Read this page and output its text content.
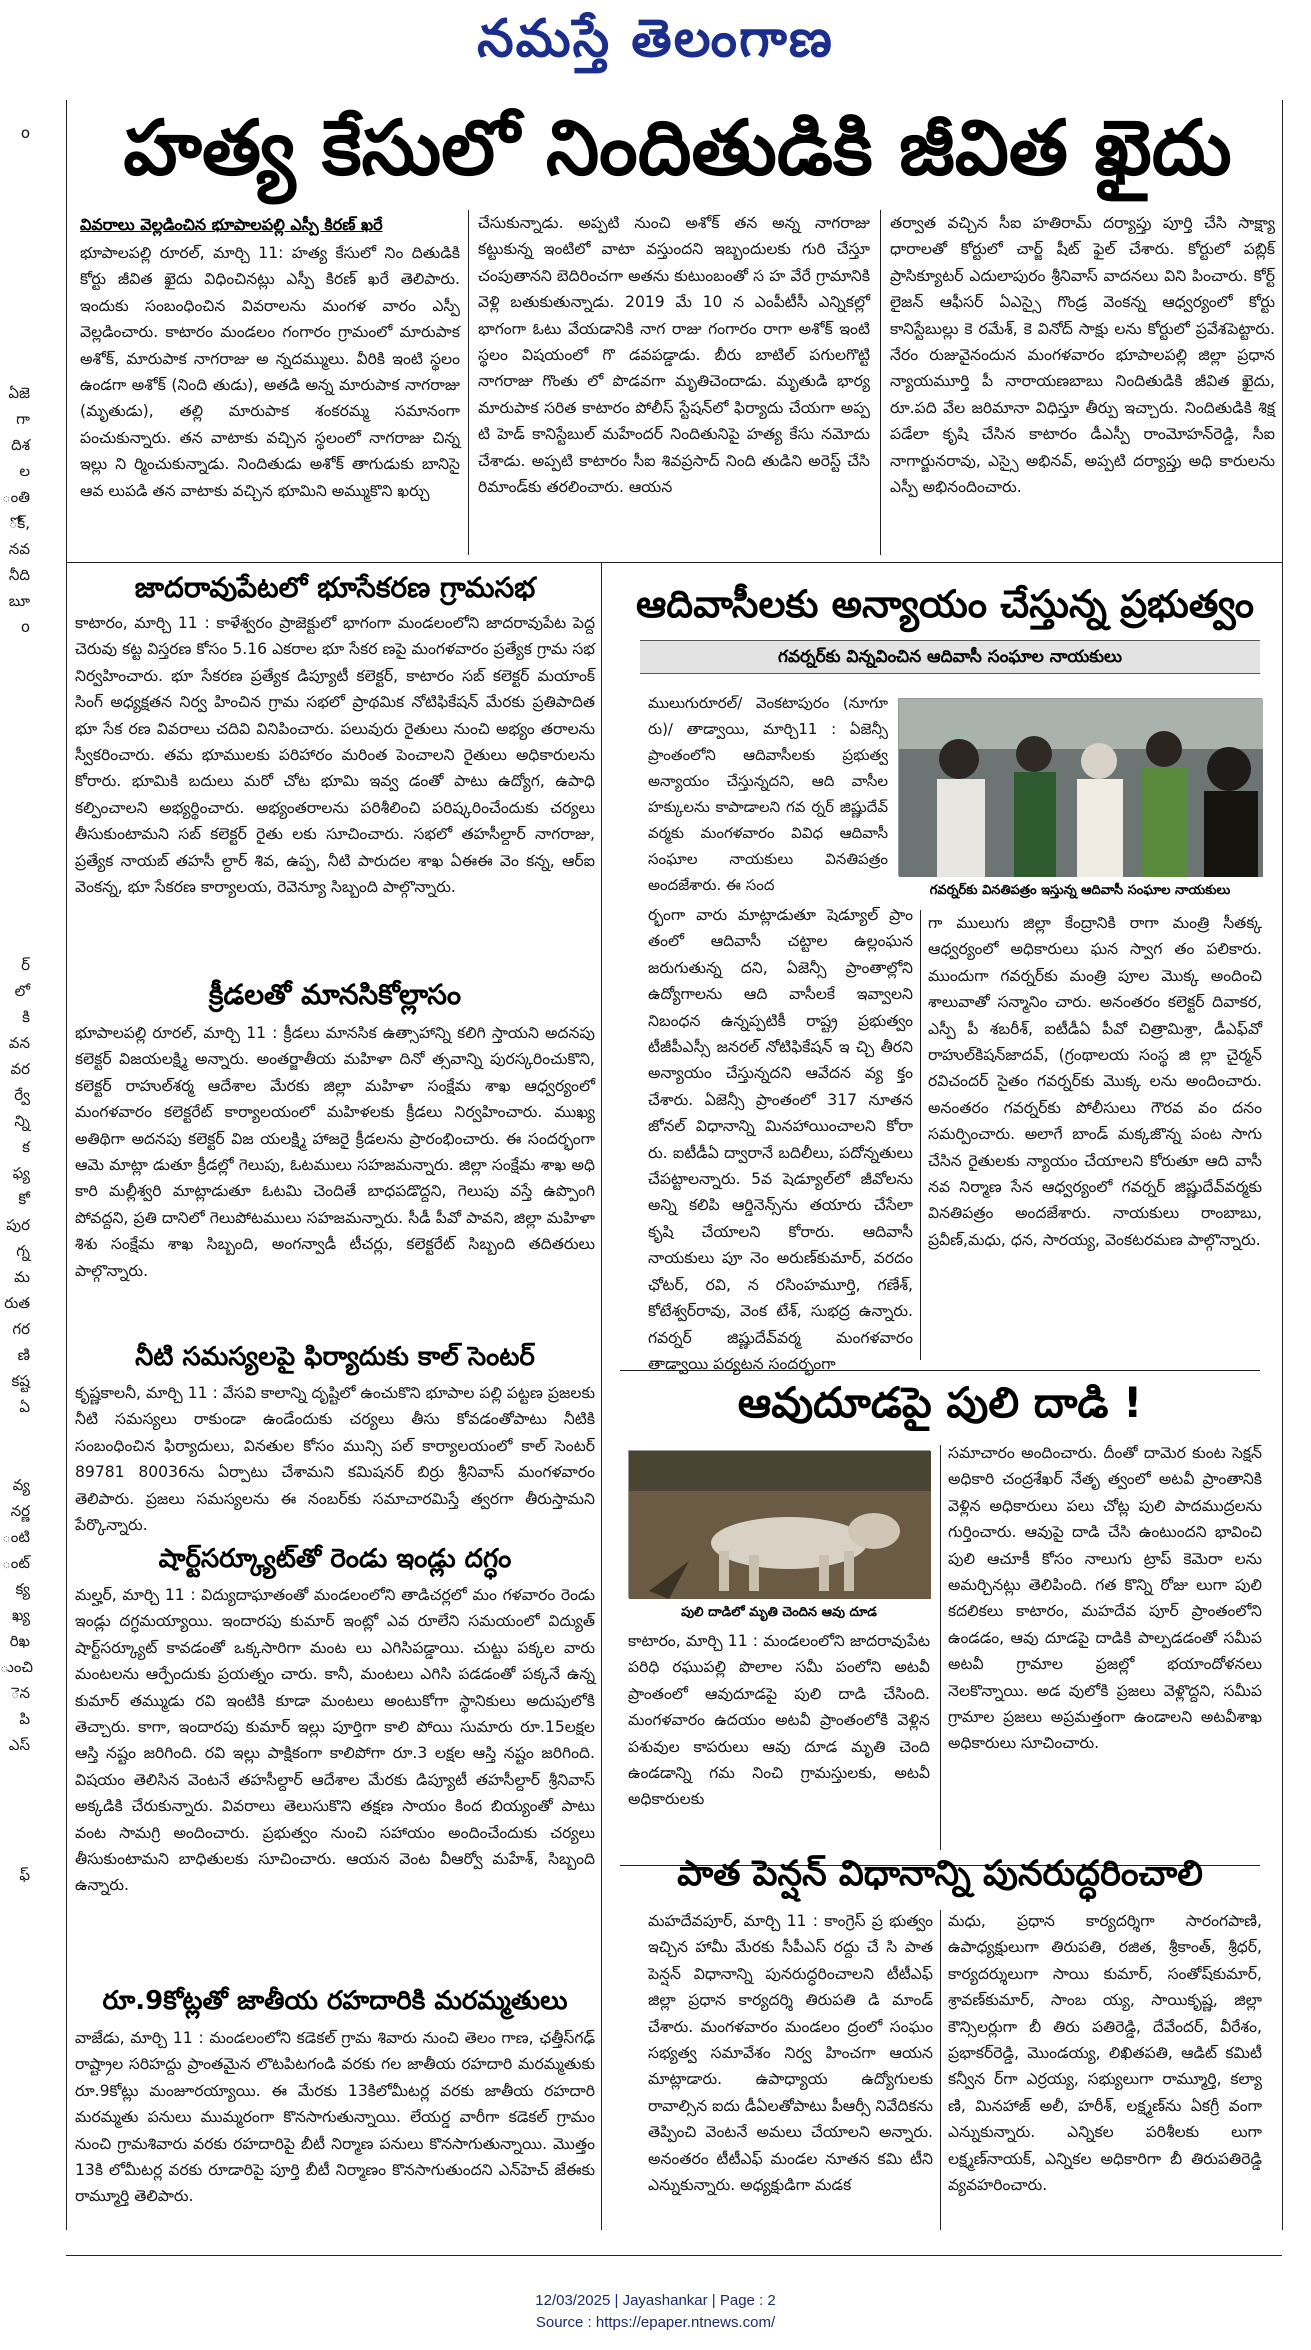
నమస్తే తెలంగాణ
o

ఏజె
గా
దిశ
ల
ంతి
ోక్,
నవ
నీది
బూ
o

ర్
లో
కి
వన
వర
ర్వే
న్ని
క
ఫ్య
కో
పుర
గ్న
మ
రుత
గర
ణి
కష్ట
ఏ

వ్య
నర్ణ
ంటి
ంట్
క్య
ఖ్య
రిఖ
ుంచి
ెన
పి
ఎస్

ఫ్

హత్య కేసులో నిందితుడికి జీవిత ఖైదు
వివరాలు వెల్లడించిన భూపాలపల్లి ఎస్పీ కిరణ్ ఖరే

భూపాలపల్లి రూరల్, మార్చి 11: హత్య కేసులో నిం దితుడికి కోర్టు జీవిత ఖైదు విధించినట్లు ఎస్పీ కిరణ్ ఖరే తెలిపారు. ఇందుకు సంబంధించిన వివరాలను మంగళ వారం ఎస్పీ వెల్లడించారు. కాటారం మండలం గంగారం గ్రామంలో మారుపాక అశోక్, మారుపాక నాగరాజు అ న్నదమ్ములు. వీరికి ఇంటి స్థలం ఉండగా అశోక్ (నింది తుడు), అతడి అన్న మారుపాక నాగరాజు (మృతుడు), తల్లి మారుపాక శంకరమ్మ సమానంగా పంచుకున్నారు. తన వాటాకు వచ్చిన స్థలంలో నాగరాజు చిన్న ఇల్లు ని ర్మించుకున్నాడు. నిందితుడు అశోక్ తాగుడుకు బానిసై ఆవ లుపడి తన వాటాకు వచ్చిన భూమిని అమ్ముకొని ఖర్చు

చేసుకున్నాడు. అప్పటి నుంచి అశోక్ తన అన్న నాగరాజు కట్టుకున్న ఇంటిలో వాటా వస్తుందని ఇబ్బందులకు గురి చేస్తూ చంపుతానని బెదిరించగా అతను కుటుంబంతో స హ వేరే గ్రామానికి వెళ్లి బతుకుతున్నాడు. 2019 మే 10 న ఎంపీటీసీ ఎన్నికల్లో భాగంగా ఓటు వేయడానికి నాగ రాజు గంగారం రాగా అశోక్ ఇంటి స్థలం విషయంలో గొ డవపడ్డాడు. బీరు బాటిల్ పగులగొట్టి నాగరాజు గొంతు లో పొడవగా మృతిచెందాడు. మృతుడి భార్య మారుపాక సరిత కాటారం పోలీస్ స్టేషన్‌లో ఫిర్యాదు చేయగా అప్ప టి హెడ్ కానిస్టేబుల్ మహేందర్ నిందితునిపై హత్య కేసు నమోదు చేశాడు. అప్పటి కాటారం సీఐ శివప్రసాద్ నింది తుడిని అరెస్ట్ చేసి రిమాండ్‌కు తరలించారు. ఆయన

తర్వాత వచ్చిన సీఐ హతిరామ్ దర్యాప్తు పూర్తి చేసి సాక్ష్యా ధారాలతో కోర్టులో చార్జ్ షీట్ ఫైల్ చేశారు. కోర్టులో పబ్లిక్ ప్రాసిక్యూటర్ ఎదులాపురం శ్రీనివాస్ వాదనలు విని పించారు. కోర్ట్ లైజన్ ఆఫీసర్ ఏఎస్సై గొండ్ర వెంకన్న ఆధ్వర్యంలో కోర్టు కానిస్టేబుల్లు కె రమేశ్, కె వినోద్ సాక్షు లను కోర్టులో ప్రవేశపెట్టారు. నేరం రుజువైనందున మంగళవారం భూపాలపల్లి జిల్లా ప్రధాన న్యాయమూర్తి పీ నారాయణబాబు నిందితుడికి జీవిత ఖైదు, రూ.పది వేల జరిమానా విధిస్తూ తీర్పు ఇచ్చారు. నిందితుడికి శిక్ష పడేలా కృషి చేసిన కాటారం డీఎస్పీ రాంమోహన్‌రెడ్డి, సీఐ నాగార్జునరావు, ఎస్సై అభినవ్, అప్పటి దర్యాప్తు అధి కారులను ఎస్పీ అభినందించారు.

జాదరావుపేటలో భూసేకరణ గ్రామసభ

కాటారం, మార్చి 11 : కాళేశ్వరం ప్రాజెక్టులో భాగంగా మండలంలోని జాదరావుపేట పెద్ద చెరువు కట్ట విస్తరణ కోసం 5.16 ఎకరాల భూ సేకర ణపై మంగళవారం ప్రత్యేక గ్రామ సభ నిర్వహించారు. భూ సేకరణ ప్రత్యేక డిప్యూటీ కలెక్టర్, కాటారం సబ్ కలెక్టర్ మయాంక్ సింగ్ అధ్యక్షతన నిర్వ హించిన గ్రామ సభలో ప్రాథమిక నోటిఫికేషన్ మేరకు ప్రతిపాదిత భూ సేక రణ వివరాలు చదివి వినిపించారు. పలువురు రైతులు నుంచి అభ్యం తరాలను స్వీకరించారు. తమ భూములకు పరిహారం మరింత పెంచాలని రైతులు అధికారులను కోరారు. భూమికి బదులు మరో చోట భూమి ఇవ్వ డంతో పాటు ఉద్యోగ, ఉపాధి కల్పించాలని అభ్యర్థించారు. అభ్యంతరాలను పరిశీలించి పరిష్కరించేందుకు చర్యలు తీసుకుంటామని సబ్ కలెక్టర్ రైతు లకు సూచించారు. సభలో తహసీల్దార్ నాగరాజు, ప్రత్యేక నాయబ్ తహసీ ల్దార్ శివ, ఉప్ప, నీటి పారుదల శాఖ ఏఈఈ వెం కన్న, ఆర్ఐ వెంకన్న, భూ సేకరణ కార్యాలయ, రెవెన్యూ సిబ్బంది పాల్గొన్నారు.

క్రీడలతో మానసికోల్లాసం

భూపాలపల్లి రూరల్, మార్చి 11 : క్రీడలు మానసిక ఉత్సాహాన్ని కలిగి స్తాయని అదనపు కలెక్టర్ విజయలక్ష్మి అన్నారు. అంతర్జాతీయ మహిళా దినో త్సవాన్ని పురస్కరించుకొని, కలెక్టర్ రాహుల్‌శర్మ ఆదేశాల మేరకు జిల్లా మహిళా సంక్షేమ శాఖ ఆధ్వర్యంలో మంగళవారం కలెక్టరేట్ కార్యాలయంలో మహిళలకు క్రీడలు నిర్వహించారు. ముఖ్య అతిథిగా అదనపు కలెక్టర్ విజ యలక్ష్మి హాజరై క్రీడలను ప్రారంభించారు. ఈ సందర్భంగా ఆమె మాట్లా డుతూ క్రీడల్లో గెలుపు, ఓటములు సహజమన్నారు. జిల్లా సంక్షేమ శాఖ అధి కారి మల్లీశ్వరి మాట్లాడుతూ ఓటమి చెందితే బాధపడొద్దని, గెలుపు వస్తే ఉప్పొంగి పోవద్దని, ప్రతి దానిలో గెలుపోటములు సహజమన్నారు. సీడీ పీవో పావని, జిల్లా మహిళా శిశు సంక్షేమ శాఖ సిబ్బంది, అంగన్వాడీ టీచర్లు, కలెక్టరేట్ సిబ్బంది తదితరులు పాల్గొన్నారు.

నీటి సమస్యలపై ఫిర్యాదుకు కాల్ సెంటర్

కృష్ణకాలనీ, మార్చి 11 : వేసవి కాలాన్ని దృష్టిలో ఉంచుకొని భూపాల పల్లి పట్టణ ప్రజలకు నీటి సమస్యలు రాకుండా ఉండేందుకు చర్యలు తీసు కోవడంతోపాటు నీటికి సంబంధించిన ఫిర్యాదులు, వినతుల కోసం మున్సి పల్ కార్యాలయంలో కాల్ సెంటర్ 89781 80036ను ఏర్పాటు చేశామని కమిషనర్ బిర్రు శ్రీనివాస్ మంగళవారం తెలిపారు. ప్రజలు సమస్యలను ఈ నంబర్‌కు సమాచారమిస్తే త్వరగా తీరుస్తామని పేర్కొన్నారు.

షార్ట్‌సర్క్యూట్‌తో రెండు ఇండ్లు దగ్ధం

మల్హర్, మార్చి 11 : విద్యుదాఘాతంతో మండలంలోని తాడిచర్లలో మం గళవారం రెండు ఇండ్లు దగ్ధమయ్యాయి. ఇందారపు కుమార్ ఇంట్లో ఎవ రూలేని సమయంలో విద్యుత్ షార్ట్‌సర్క్యూట్ కావడంతో ఒక్కసారిగా మంట లు ఎగిసిపడ్డాయి. చుట్టు పక్కల వారు మంటలను ఆర్పేందుకు ప్రయత్నం చారు. కానీ, మంటలు ఎగిసి పడడంతో పక్కనే ఉన్న కుమార్ తమ్ముడు రవి ఇంటికి కూడా మంటలు అంటుకోగా స్థానికులు అదుపులోకి తెచ్చారు. కాగా, ఇందారపు కుమార్ ఇల్లు పూర్తిగా కాలి పోయి సుమారు రూ.15లక్షల ఆస్తి నష్టం జరిగింది. రవి ఇల్లు పాక్షికంగా కాలిపోగా రూ.3 లక్షల ఆస్తి నష్టం జరిగింది. విషయం తెలిసిన వెంటనే తహసీల్దార్ ఆదేశాల మేరకు డిప్యూటీ తహసీల్దార్ శ్రీనివాస్ అక్కడికి చేరుకున్నారు. వివరాలు తెలుసుకొని తక్షణ సాయం కింద బియ్యంతో పాటు వంట సామగ్రి అందించారు. ప్రభుత్వం నుంచి సహాయం అందించేందుకు చర్యలు తీసుకుంటామని బాధితులకు సూచించారు. ఆయన వెంట వీఆర్వో మహేశ్, సిబ్బంది ఉన్నారు.

రూ.9కోట్లతో జాతీయ రహదారికి మరమ్మతులు

వాజేడు, మార్చి 11 : మండలంలోని కడెకల్ గ్రామ శివారు నుంచి తెలం గాణ, ఛత్తీస్‌గఢ్ రాష్ట్రాల సరిహద్దు ప్రాంతమైన లొటపిటగండి వరకు గల జాతీయ రహదారి మరమ్మతుకు రూ.9కోట్లు మంజూరయ్యాయి. ఈ మేరకు 13కిలోమీటర్ల వరకు జాతీయ రహదారి మరమ్మతు పనులు ముమ్మరంగా కొనసాగుతున్నాయి. లేయర్డ వారీగా కడెకల్ గ్రామం నుంచి గ్రామశివారు వరకు రహదారిపై బీటీ నిర్మాణ పనులు కొనసాగుతున్నాయి. మొత్తం 13కి లోమీటర్ల వరకు రూడారిపై పూర్తి బీటీ నిర్మాణం కొనసాగుతుందని ఎన్‌హెచ్ జేఈకు రామ్మూర్తి తెలిపారు.

ఆదివాసీలకు అన్యాయం చేస్తున్న ప్రభుత్వం
గవర్నర్‌కు విన్నవించిన ఆదివాసీ సంఘాల నాయకులు

ములుగురూరల్/ వెంకటాపురం (నూగూ రు)/ తాడ్వాయి, మార్చి11 : ఏజెన్సీ ప్రాంతంలోని ఆదివాసీలకు ప్రభుత్వ అన్యాయం చేస్తున్నదని, ఆది వాసీల హక్కులను కాపాడాలని గవ ర్నర్ జిష్ణుదేవ్ వర్మకు మంగళవారం వివిధ ఆదివాసీ సంఘాల నాయకులు వినతిపత్రం అందజేశారు. ఈ సంద	గవర్నర్‌కు వినతిపత్రం ఇస్తున్న ఆదివాసీ సంఘాల నాయకులు

ర్భంగా వారు మాట్లాడుతూ షెడ్యూల్ ప్రాం తంలో ఆదివాసీ చట్టాల ఉల్లంఘన జరుగుతున్న దని, ఏజెన్సీ ప్రాంతాల్లోని ఉద్యోగాలను ఆది వాసీలకే ఇవ్వాలని నిబంధన ఉన్నప్పటికీ రాష్ట్ర ప్రభుత్వం టీజీపీఎస్సీ జనరల్ నోటిఫికేషన్ ఇ చ్చి తీరని అన్యాయం చేస్తున్నదని ఆవేదన వ్య క్తం చేశారు. ఏజెన్సీ ప్రాంతంలో 317 నూతన జోనల్ విధానాన్ని మినహాయించాలని కోరా రు. ఐటీడీఏ ద్వారానే బదిలీలు, పదోన్నతులు చేపట్టాలన్నారు. 5వ షెడ్యూల్‌లో జీవోలను అన్ని కలిపి ఆర్డినెన్స్‌ను తయారు చేసేలా కృషి చేయాలని కోరారు. ఆదివాసీ నాయకులు పూ నెం అరుణ్‌కుమార్, వరదం ఛోటర్, రవి, న రసింహమూర్తి, గణేశ్, కోటేశ్వర్‌రావు, వెంక టేశ్, సుభద్ర ఉన్నారు. గవర్నర్ జిష్ణుదేవ్‌వర్మ మంగళవారం తాడ్వాయి పర్యటన సందర్భంగా

గా ములుగు జిల్లా కేంద్రానికి రాగా మంత్రి సీతక్క ఆధ్వర్యంలో అధికారులు ఘన స్వాగ తం పలికారు. ముందుగా గవర్నర్‌కు మంత్రి పూల మొక్క అందించి శాలువాతో సన్మానిం చారు. అనంతరం కలెక్టర్ దివాకర, ఎస్పీ పీ శబరీశ్, ఐటీడీఏ పీవో చిత్రామిశ్రా, డీఎఫ్‌వో రాహుల్‌కిషన్‌జాదవ్, (గ్రంథాలయ సంస్థ జి ల్లా చైర్మన్ రవిచందర్ సైతం గవర్నర్‌కు మొక్క లను అందించారు. అనంతరం గవర్నర్‌కు పోలీసులు గౌరవ వం దనం సమర్పించారు. అలాగే బాండ్ మక్కజొన్న పంట సాగు చేసిన రైతులకు న్యాయం చేయాలని కోరుతూ ఆది వాసీ నవ నిర్మాణ సేన ఆధ్వర్యంలో గవర్నర్ జిష్ణుదేవ్‌వర్మకు వినతిపత్రం అందజేశారు. నాయకులు రాంబాబు, ప్రవీణ్,మధు, ధన, సారయ్య, వెంకటరమణ పాల్గొన్నారు.

ఆవుదూడపై పులి దాడి !
పులి దాడిలో మృతి చెందిన ఆవు దూడ

కాటారం, మార్చి 11 : మండలంలోని జాదరావుపేట పరిధి రఘుపల్లి పొలాల సమీ పంలోని అటవీ ప్రాంతంలో ఆవుదూడపై పులి దాడి చేసింది. మంగళవారం ఉదయం అటవీ ప్రాంతంలోకి వెళ్లిన పశువుల కాపరులు ఆవు దూడ మృతి చెంది ఉండడాన్ని గమ నించి గ్రామస్తులకు, అటవీ అధికారులకు

సమాచారం అందించారు. దీంతో దామెర కుంట సెక్షన్ అధికారి చంద్రశేఖర్ నేతృ త్వంలో అటవీ ప్రాంతానికి వెళ్లిన అధికారులు పలు చోట్ల పులి పాదముద్రలను గుర్తించారు. ఆవుపై దాడి చేసి ఉంటుందని భావించి పులి ఆచూకీ కోసం నాలుగు ట్రాప్ కెమెరా లను అమర్చినట్లు తెలిపింది. గత కొన్ని రోజు లుగా పులి కదలికలు కాటారం, మహదేవ పూర్ ప్రాంతంలోని ఉండడం, ఆవు దూడపై దాడికి పాల్పడడంతో సమీప అటవీ గ్రామాల ప్రజల్లో భయాందోళనలు నెలకొన్నాయి. అడ వులోకి ప్రజలు వెళ్లొద్దని, సమీప గ్రామాల ప్రజలు అప్రమత్తంగా ఉండాలని అటవీశాఖ అధికారులు సూచించారు.

పాత పెన్షన్ విధానాన్ని పునరుద్ధరించాలి

మహదేవపూర్, మార్చి 11 : కాంగ్రెస్ ప్ర భుత్వం ఇచ్చిన హామీ మేరకు సీపీఎస్ రద్దు చే సి పాత పెన్షన్ విధానాన్ని పునరుద్ధరించాలని టీటీఎఫ్ జిల్లా ప్రధాన కార్యదర్శి తిరుపతి డి మాండ్ చేశారు. మంగళవారం మండలం ద్రంలో సంఘం సభ్యత్వ సమావేశం నిర్వ హించగా ఆయన మాట్లాడారు. ఉపాధ్యాయ ఉద్యోగులకు రావాల్సిన ఐదు డీఏలతోపాటు పీఆర్సీ నివేదికను తెప్పించి వెంటనే అమలు చేయాలని అన్నారు. అనంతరం టీటీఎఫ్ మండల నూతన కమి టీని ఎన్నుకున్నారు. అధ్యక్షుడిగా మడక

మధు, ప్రధాన కార్యదర్శిగా సారంగపాణి, ఉపాధ్యక్షులుగా తిరుపతి, రజిత, శ్రీకాంత్, శ్రీధర్, కార్యదర్శులుగా సాయి కుమార్, సంతోష్‌కుమార్, శ్రావణ్‌కుమార్, సాంబ య్య, సాయికృష్ణ, జిల్లా కౌన్సిలర్లుగా బీ తిరు పతిరెడ్డి, దేవేందర్, వీరేశం, ప్రభాకర్‌రెడ్డి, మొండయ్య, లిఖితపతి, ఆడిట్ కమిటీ కన్వీన ర్‌గా ఎర్రయ్య, సభ్యులుగా రామ్మూర్తి, కల్యా ణి, మినహాజ్ అలీ, హరీశ్, లక్ష్మణ్‌ను ఏకగ్రీ వంగా ఎన్నుకున్నారు. ఎన్నికల పరిశీలకు లుగా లక్ష్మణ్‌నాయక్, ఎన్నికల అధికారిగా బీ తిరుపతిరెడ్డి వ్యవహరించారు.

12/03/2025 | Jayashankar | Page : 2
Source : https://epaper.ntnews.com/
